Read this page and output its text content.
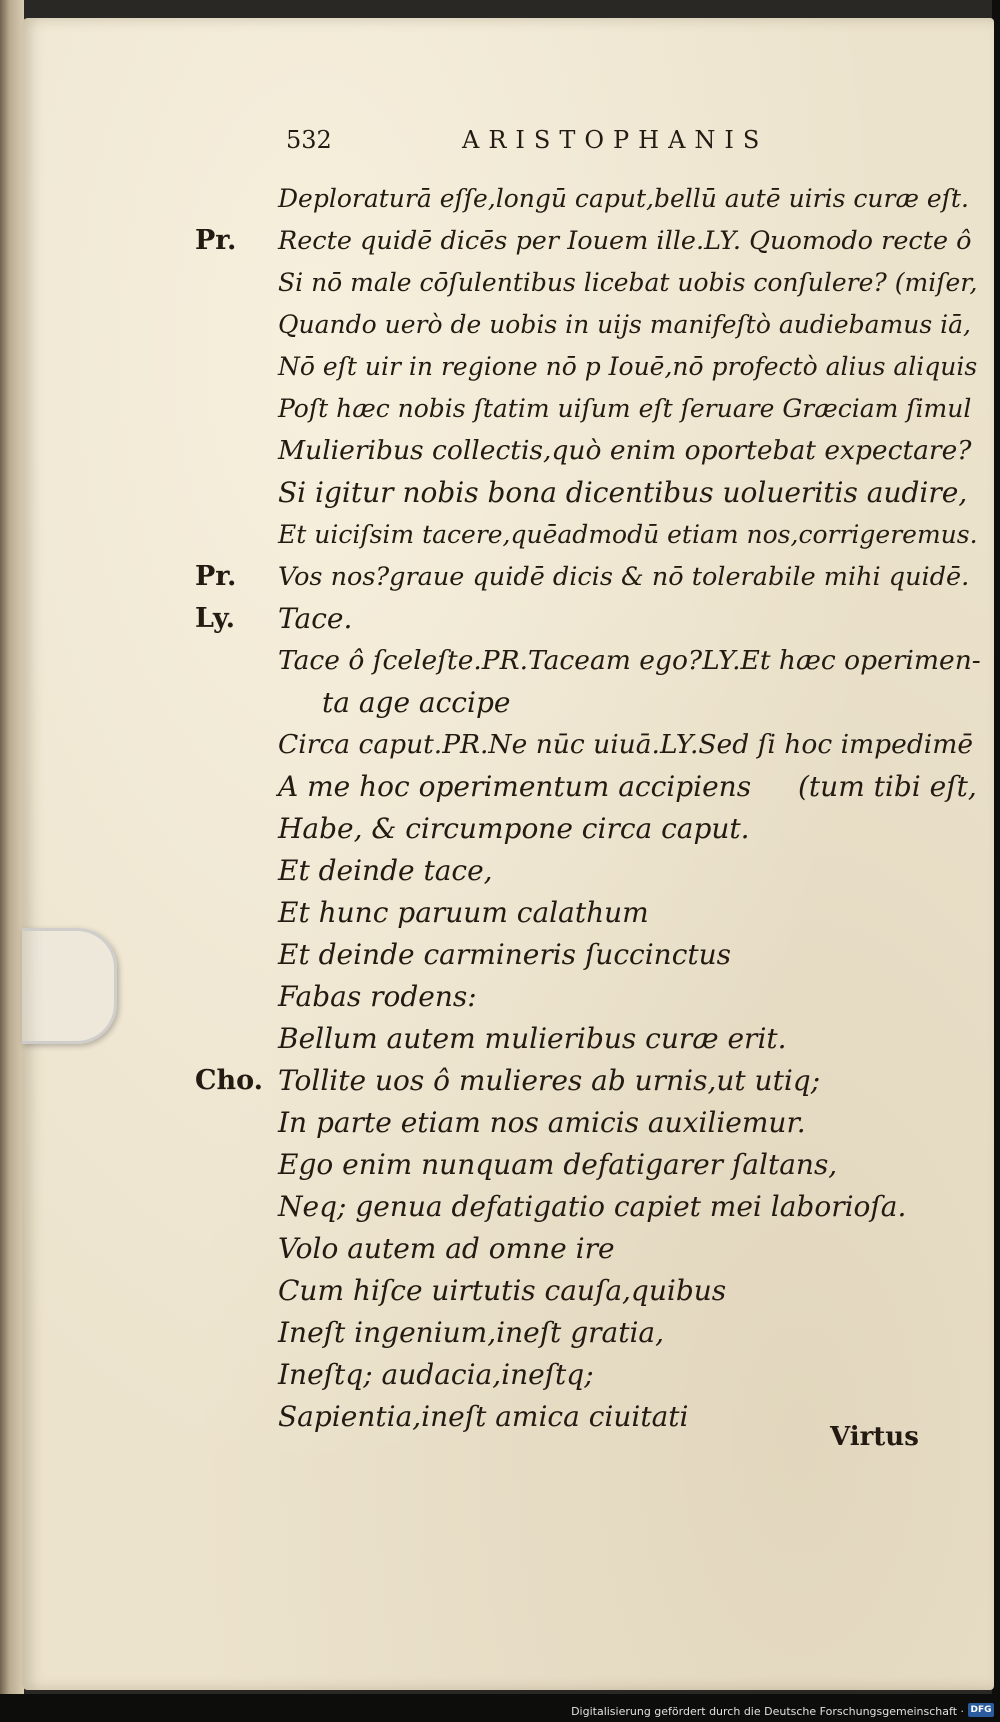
532	ARISTOPHANIS
Deploraturā eſſe,longū caput,bellū autē uiris curæ eſt.
Pr. Recte quidē dicēs per Iouem ille.LY. Quomodo recte ô
Si nō male cōſulentibus licebat uobis conſulere? (miſer,
Quando uerò de uobis in uijs manifeſtò audiebamus iā,
Nō eſt uir in regione nō p Iouē,nō profectò alius aliquis
Poſt hæc nobis ſtatim uiſum eſt ſeruare Græciam ſimul
Mulieribus collectis,quò enim oportebat expectare?
Si igitur nobis bona dicentibus uolueritis audire,
Et uiciſsim tacere,quēadmodū etiam nos,corrigeremus.
Pr. Vos nos?graue quidē dicis & nō tolerabile mihi quidē.
Ly. Tace.
Tace ô ſceleſte.PR.Taceam ego?LY.Et hæc operimen-
ta age accipe
Circa caput.PR.Ne nūc uiuā.LY.Sed ſi hoc impedimē
A me hoc operimentum accipiens (tum tibi eſt,
Habe, & circumpone circa caput.
Et deinde tace,
Et hunc paruum calathum
Et deinde carmineris ſuccinctus
Fabas rodens:
Bellum autem mulieribus curæ erit.
Cho. Tollite uos ô mulieres ab urnis,ut utiq;
In parte etiam nos amicis auxiliemur.
Ego enim nunquam defatigarer ſaltans,
Neq; genua defatigatio capiet mei laborioſa.
Volo autem ad omne ire
Cum hiſce uirtutis cauſa,quibus
Ineſt ingenium,ineſt gratia,
Ineſtq; audacia,ineſtq;
Sapientia,ineſt amica ciuitati
Virtus
Digitalisierung gefördert durch die Deutsche Forschungsgemeinschaft · DFG
